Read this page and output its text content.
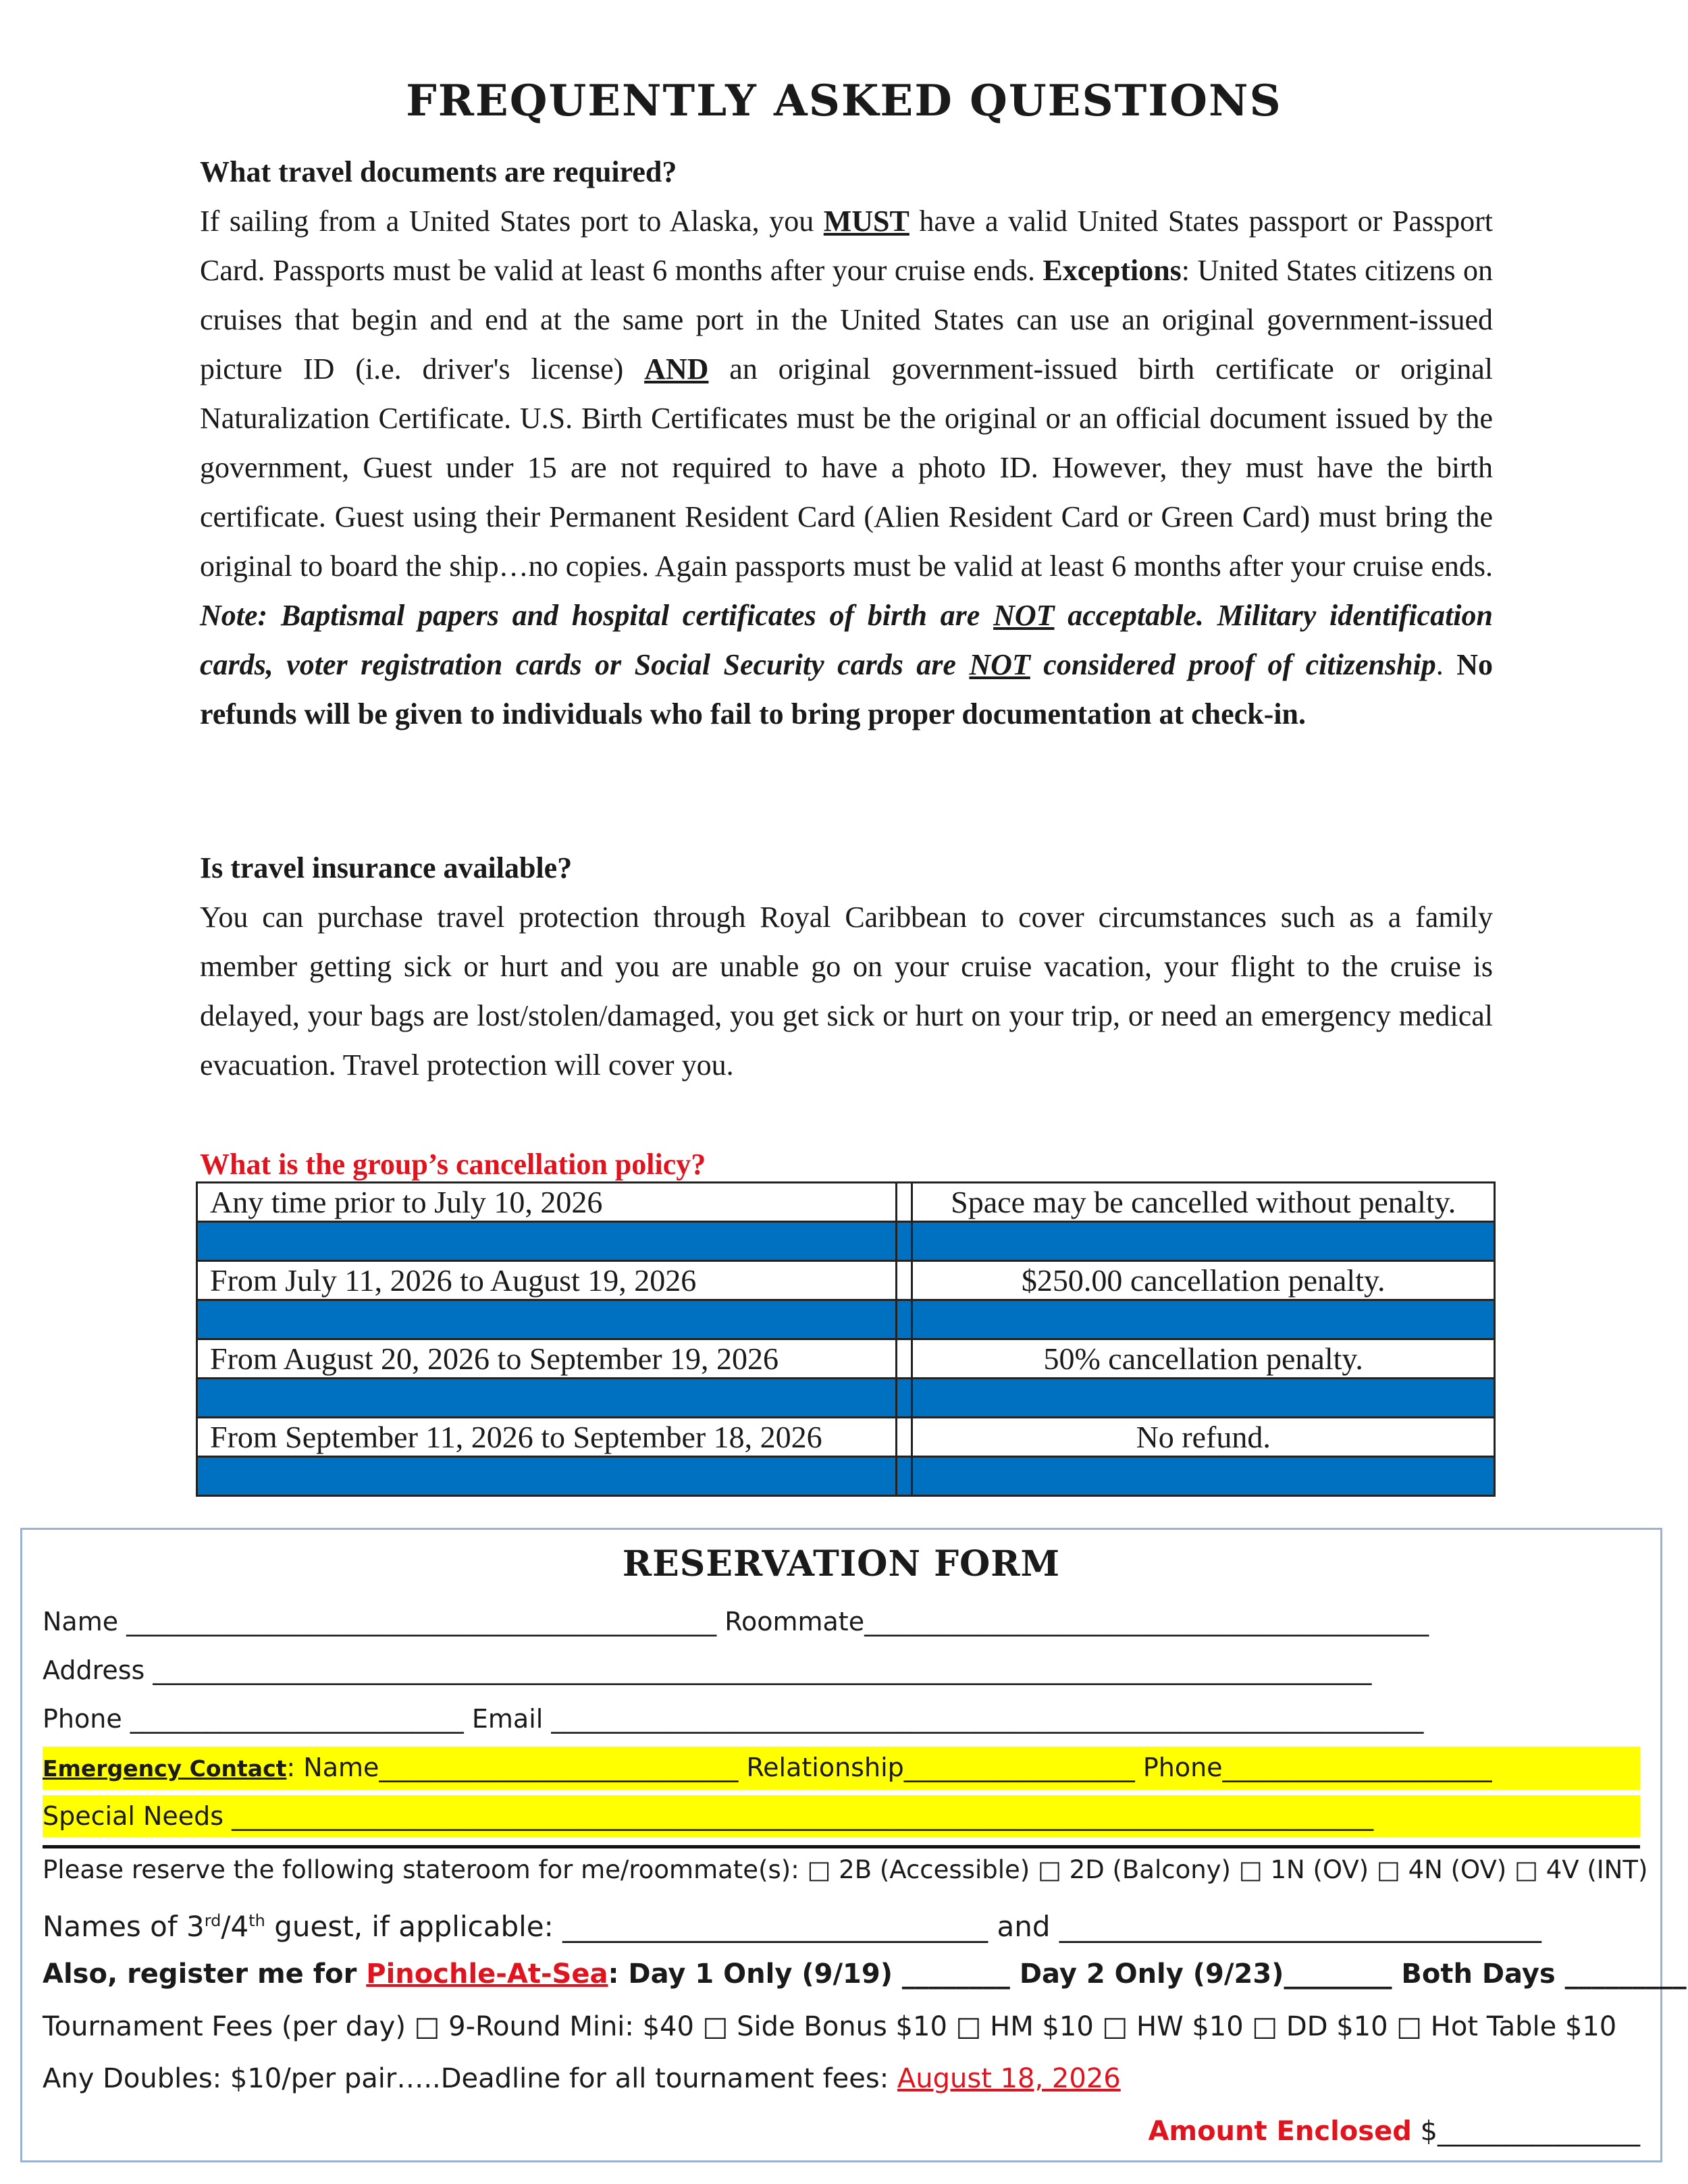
FREQUENTLY ASKED QUESTIONS
What travel documents are required?

If sailing from a United States port to Alaska, you MUST have a valid United States passport or Passport Card. Passports must be valid at least 6 months after your cruise ends. Exceptions: United States citizens on cruises that begin and end at the same port in the United States can use an original government-issued picture ID (i.e. driver's license) AND an original government-issued birth certificate or original Naturalization Certificate. U.S. Birth Certificates must be the original or an official document issued by the government, Guest under 15 are not required to have a photo ID. However, they must have the birth certificate. Guest using their Permanent Resident Card (Alien Resident Card or Green Card) must bring the original to board the ship…no copies. Again passports must be valid at least 6 months after your cruise ends. Note: Baptismal papers and hospital certificates of birth are NOT acceptable. Military identification cards, voter registration cards or Social Security cards are NOT considered proof of citizenship. No refunds will be given to individuals who fail to bring proper documentation at check-in.

Is travel insurance available?

You can purchase travel protection through Royal Caribbean to cover circumstances such as a family member getting sick or hurt and you are unable go on your cruise vacation, your flight to the cruise is delayed, your bags are lost/stolen/damaged, you get sick or hurt on your trip, or need an emergency medical evacuation. Travel protection will cover you.

What is the group’s cancellation policy?
Any time prior to July 10, 2026		Space may be cancelled without penalty.

From July 11, 2026 to August 19, 2026		$250.00 cancellation penalty.

From August 20, 2026 to September 19, 2026		50% cancellation penalty.

From September 11, 2026 to September 18, 2026		No refund.

RESERVATION FORM
Name ______________________________________________ Roommate____________________________________________
Address _______________________________________________________________________________________________
Phone __________________________ Email ____________________________________________________________________
Emergency Contact: Name____________________________ Relationship__________________ Phone_____________________
Special Needs _________________________________________________________________________________________
Please reserve the following stateroom for me/roommate(s): □ 2B (Accessible) □ 2D (Balcony) □ 1N (OV) □ 4N (OV) □ 4V (INT)
Names of 3rd/4th guest, if applicable: ______________________________ and __________________________________
Also, register me for Pinochle-At-Sea: Day 1 Only (9/19) ________ Day 2 Only (9/23)________ Both Days _________
Tournament Fees (per day) □ 9-Round Mini: $40 □ Side Bonus $10 □ HM $10 □ HW $10 □ DD $10 □ Hot Table $10
Any Doubles: $10/per pair…..Deadline for all tournament fees: August 18, 2026
Amount Enclosed $_______________
